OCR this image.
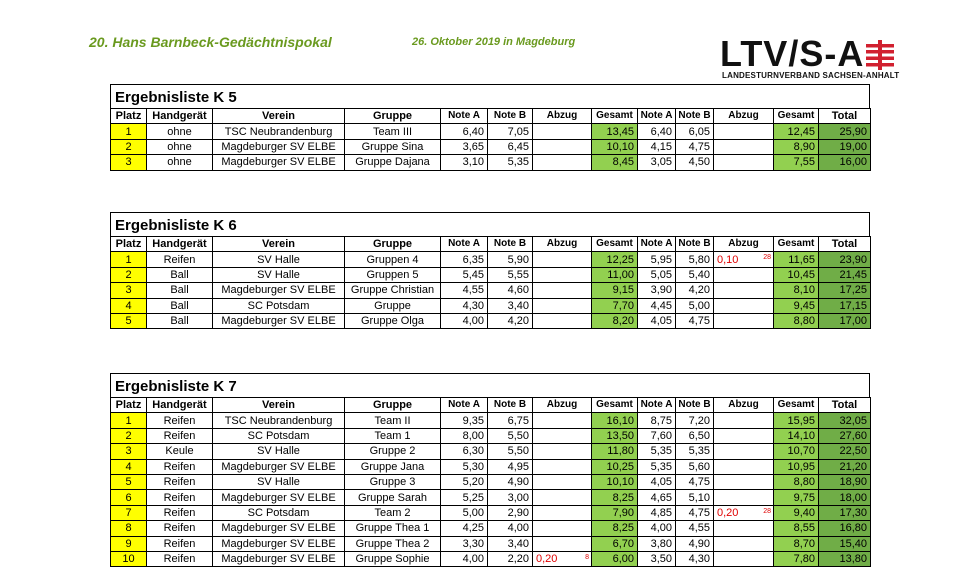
20. Hans Barnbeck-Gedächtnispokal	26. Oktober 2019 in Magdeburg	LTV/S-A
LANDESTURNVERBAND SACHSEN-ANHALT
Ergebnisliste K 5
Platz	Handgerät	Verein	Gruppe	Note A	Note B	Abzug	Gesamt	Note A	Note B	Abzug	Gesamt	Total
1	ohne	TSC Neubrandenburg	Team III	6,40	7,05		13,45	6,40	6,05		12,45	25,90
2	ohne	Magdeburger SV ELBE	Gruppe Sina	3,65	6,45		10,10	4,15	4,75		8,90	19,00
3	ohne	Magdeburger SV ELBE	Gruppe Dajana	3,10	5,35		8,45	3,05	4,50		7,55	16,00
Ergebnisliste K 6
Platz	Handgerät	Verein	Gruppe	Note A	Note B	Abzug	Gesamt	Note A	Note B	Abzug	Gesamt	Total
1	Reifen	SV Halle	Gruppen 4	6,35	5,90		12,25	5,95	5,80	0,10 28	11,65	23,90
2	Ball	SV Halle	Gruppen 5	5,45	5,55		11,00	5,05	5,40		10,45	21,45
3	Ball	Magdeburger SV ELBE	Gruppe Christian	4,55	4,60		9,15	3,90	4,20		8,10	17,25
4	Ball	SC Potsdam	Gruppe	4,30	3,40		7,70	4,45	5,00		9,45	17,15
5	Ball	Magdeburger SV ELBE	Gruppe Olga	4,00	4,20		8,20	4,05	4,75		8,80	17,00
Ergebnisliste K 7
Platz	Handgerät	Verein	Gruppe	Note A	Note B	Abzug	Gesamt	Note A	Note B	Abzug	Gesamt	Total
1	Reifen	TSC Neubrandenburg	Team II	9,35	6,75		16,10	8,75	7,20		15,95	32,05
2	Reifen	SC Potsdam	Team 1	8,00	5,50		13,50	7,60	6,50		14,10	27,60
3	Keule	SV Halle	Gruppe 2	6,30	5,50		11,80	5,35	5,35		10,70	22,50
4	Reifen	Magdeburger SV ELBE	Gruppe Jana	5,30	4,95		10,25	5,35	5,60		10,95	21,20
5	Reifen	SV Halle	Gruppe 3	5,20	4,90		10,10	4,05	4,75		8,80	18,90
6	Reifen	Magdeburger SV ELBE	Gruppe Sarah	5,25	3,00		8,25	4,65	5,10		9,75	18,00
7	Reifen	SC Potsdam	Team 2	5,00	2,90		7,90	4,85	4,75	0,20 28	9,40	17,30
8	Reifen	Magdeburger SV ELBE	Gruppe Thea 1	4,25	4,00		8,25	4,00	4,55		8,55	16,80
9	Reifen	Magdeburger SV ELBE	Gruppe Thea 2	3,30	3,40		6,70	3,80	4,90		8,70	15,40
10	Reifen	Magdeburger SV ELBE	Gruppe Sophie	4,00	2,20	0,20 8	6,00	3,50	4,30		7,80	13,80
